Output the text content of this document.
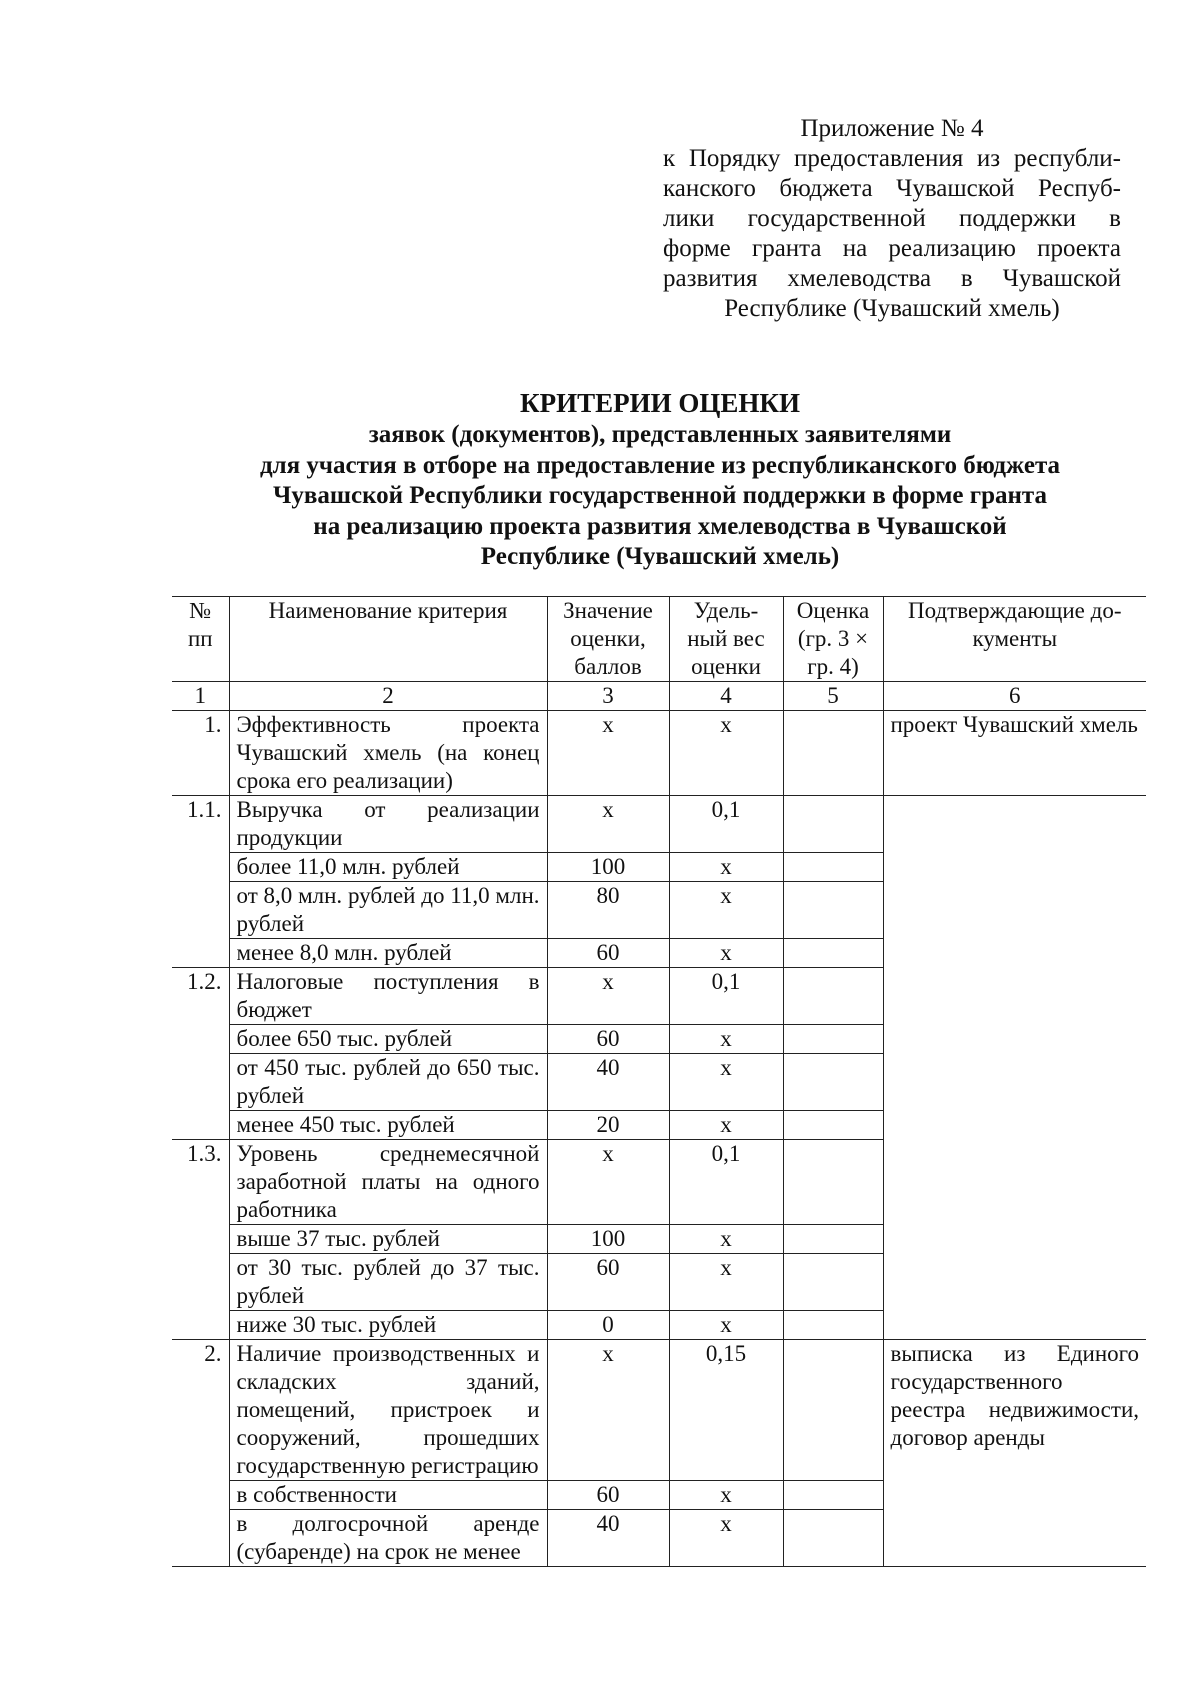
Приложение № 4
к Порядку предоставления из республи-
канского бюджета Чувашской Респуб-
лики государственной поддержки в
форме гранта на реализацию проекта
развития хмелеводства в Чувашской
Республике (Чувашский хмель)
КРИТЕРИИ ОЦЕНКИ
заявок (документов), представленных заявителями
для участия в отборе на предоставление из республиканского бюджета
Чувашской Республики государственной поддержки в форме гранта
на реализацию проекта развития хмелеводства в Чувашской
Республике (Чувашский хмель)
№ пп	Наименование критерия	Значение оценки, баллов	Удель-ный вес оценки	Оценка (гр. 3 × гр. 4)	Подтверждающие до-кументы
1	2	3	4	5	6
1.	Эффективность проекта Чувашский хмель (на конец срока его реализации)	х	х		проект Чувашский хмель
1.1.	Выручка от реализации продукции	х	0,1		
	более 11,0 млн. рублей	100	х		
	от 8,0 млн. рублей до 11,0 млн. рублей	80	х		
	менее 8,0 млн. рублей	60	х		
1.2.	Налоговые поступления в бюджет	х	0,1		
	более 650 тыс. рублей	60	х		
	от 450 тыс. рублей до 650 тыс. рублей	40	х		
	менее 450 тыс. рублей	20	х		
1.3.	Уровень среднемесячной заработной платы на одного работника	х	0,1		
	выше 37 тыс. рублей	100	х		
	от 30 тыс. рублей до 37 тыс. рублей	60	х		
	ниже 30 тыс. рублей	0	х		
2.	Наличие производственных и складских зданий, помещений, пристроек и сооружений, прошедших государственную регистрацию	х	0,15		выписка из Единого государственного реестра недвижимости, договор аренды
	в собственности	60	х		
	в долгосрочной аренде (субаренде) на срок не менее	40	х		
